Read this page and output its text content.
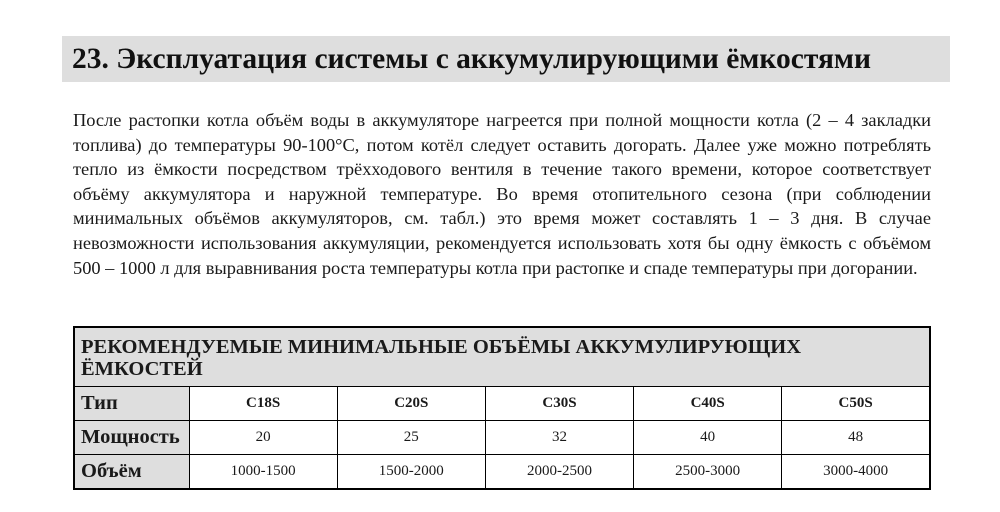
23. Эксплуатация системы с аккумулирующими ёмкостями

После растопки котла объём воды в аккумуляторе нагреется при полной мощности котла (2 – 4 закладки топлива) до температуры 90-100°C, потом котёл следует оставить догорать. Далее уже можно потреблять тепло из ёмкости посредством трёхходового вентиля в течение такого времени, которое соответствует объёму аккумулятора и наружной температуре. Во время отопительного сезона (при соблюдении минимальных объёмов аккумуляторов, см. табл.) это время может составлять 1 – 3 дня. В случае невозможности использования аккумуляции, рекомендуется использовать хотя бы одну ёмкость с объёмом 500 – 1000 л для выравнивания роста температуры котла при растопке и спаде температуры при догорании.

РЕКОМЕНДУЕМЫЕ МИНИМАЛЬНЫЕ ОБЪЁМЫ АККУМУЛИРУЮЩИХ ЁМКОСТЕЙ					
Тип	C18S	C20S	C30S	C40S	C50S
Мощность	20	25	32	40	48
Объём	1000-1500	1500-2000	2000-2500	2500-3000	3000-4000
